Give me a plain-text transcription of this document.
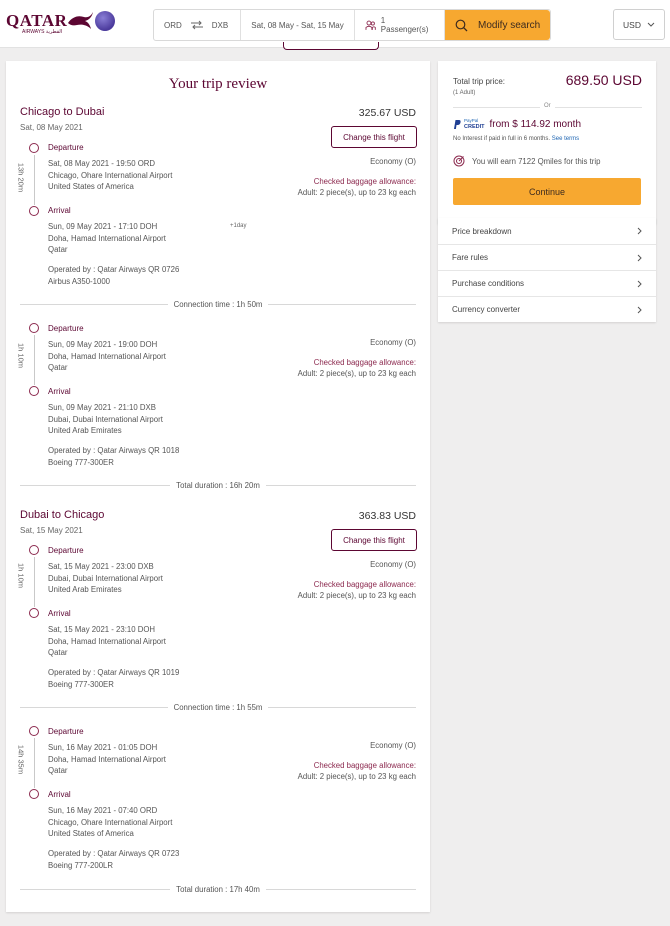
QATAR
AIRWAYS القطرية
ORD	DXB	Sat, 08 May - Sat, 15 May	1 Passenger(s)	Modify search	USD
Your trip review
Chicago to Dubai
Sat, 08 May 2021
325.67 USD
Change this flight
Departure
13h 20m	Sat, 08 May 2021 - 19:50 ORD
Chicago, Ohare International Airport
United States of America
Economy (O)
Checked baggage allowance:
Adult: 2 piece(s), up to 23 kg each
Arrival
Sun, 09 May 2021 - 17:10 DOH
Doha, Hamad International Airport
Qatar
+1day
Operated by : Qatar Airways QR 0726
Airbus A350-1000
Connection time : 1h 50m
Departure
1h 10m	Sun, 09 May 2021 - 19:00 DOH
Doha, Hamad International Airport
Qatar
Economy (O)
Checked baggage allowance:
Adult: 2 piece(s), up to 23 kg each
Arrival
Sun, 09 May 2021 - 21:10 DXB
Dubai, Dubai International Airport
United Arab Emirates
Operated by : Qatar Airways QR 1018
Boeing 777-300ER
Total duration : 16h 20m
Dubai to Chicago
Sat, 15 May 2021
363.83 USD
Change this flight
Departure
1h 10m	Sat, 15 May 2021 - 23:00 DXB
Dubai, Dubai International Airport
United Arab Emirates
Economy (O)
Checked baggage allowance:
Adult: 2 piece(s), up to 23 kg each
Arrival
Sat, 15 May 2021 - 23:10 DOH
Doha, Hamad International Airport
Qatar
Operated by : Qatar Airways QR 1019
Boeing 777-300ER
Connection time : 1h 55m
Departure
14h 35m	Sun, 16 May 2021 - 01:05 DOH
Doha, Hamad International Airport
Qatar
Economy (O)
Checked baggage allowance:
Adult: 2 piece(s), up to 23 kg each
Arrival
Sun, 16 May 2021 - 07:40 ORD
Chicago, Ohare International Airport
United States of America
Operated by : Qatar Airways QR 0723
Boeing 777-200LR
Total duration : 17h 40m
Total trip price:
(1 Adult)
689.50 USD
Or
PayPal
CREDIT from $ 114.92 month
No Interest if paid in full in 6 months. See terms
You will earn 7122 Qmiles for this trip
Continue
Price breakdown
Fare rules
Purchase conditions
Currency converter
